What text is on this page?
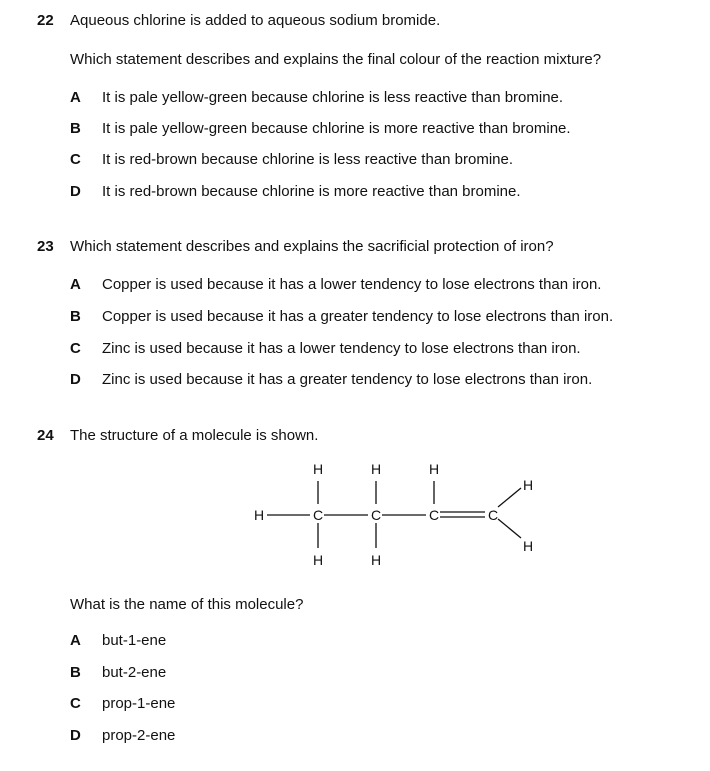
22 Aqueous chlorine is added to aqueous sodium bromide.
Which statement describes and explains the final colour of the reaction mixture?
A It is pale yellow-green because chlorine is less reactive than bromine.
B It is pale yellow-green because chlorine is more reactive than bromine.
C It is red-brown because chlorine is less reactive than bromine.
D It is red-brown because chlorine is more reactive than bromine.
23 Which statement describes and explains the sacrificial protection of iron?
A Copper is used because it has a lower tendency to lose electrons than iron.
B Copper is used because it has a greater tendency to lose electrons than iron.
C Zinc is used because it has a lower tendency to lose electrons than iron.
D Zinc is used because it has a greater tendency to lose electrons than iron.
24 The structure of a molecule is shown.
H	H	H
H	C	C	C	C
H	H
H
H
What is the name of this molecule?
A but-1-ene
B but-2-ene
C prop-1-ene
D prop-2-ene
